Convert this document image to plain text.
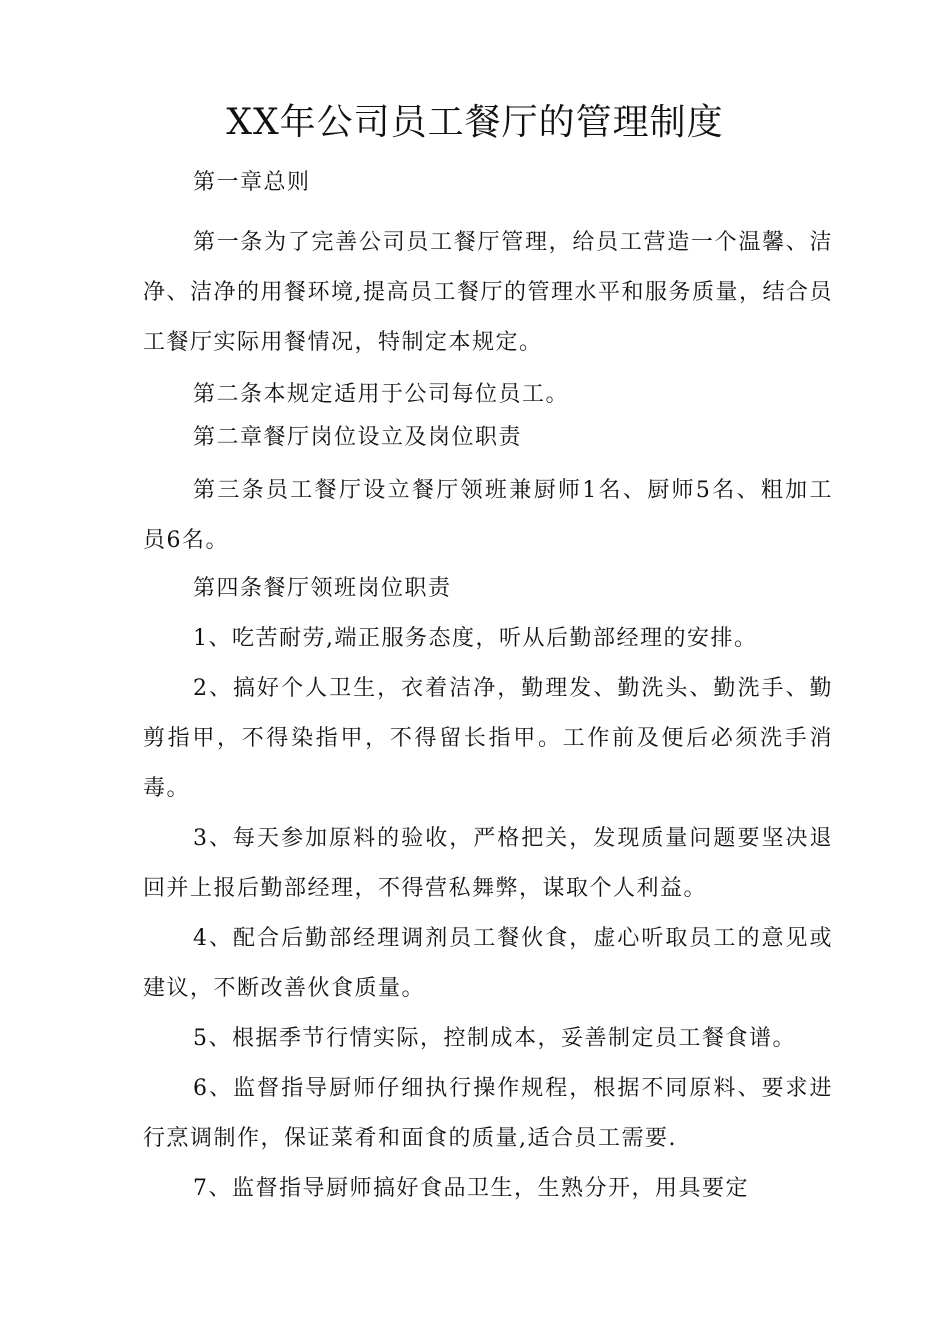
XX年公司员工餐厅的管理制度

第一章总则

第一条为了完善公司员工餐厅管理，给员工营造一个温馨、洁净、洁净的用餐环境,提高员工餐厅的管理水平和服务质量，结合员工餐厅实际用餐情况，特制定本规定。

第二条本规定适用于公司每位员工。

第二章餐厅岗位设立及岗位职责

第三条员工餐厅设立餐厅领班兼厨师1名、厨师5名、粗加工员6名。

第四条餐厅领班岗位职责

1、吃苦耐劳,端正服务态度，听从后勤部经理的安排。

2、搞好个人卫生，衣着洁净，勤理发、勤洗头、勤洗手、勤剪指甲，不得染指甲，不得留长指甲。工作前及便后必须洗手消毒。

3、每天参加原料的验收，严格把关，发现质量问题要坚决退回并上报后勤部经理，不得营私舞弊，谋取个人利益。

4、配合后勤部经理调剂员工餐伙食，虚心听取员工的意见或建议，不断改善伙食质量。

5、根据季节行情实际，控制成本，妥善制定员工餐食谱。

6、监督指导厨师仔细执行操作规程，根据不同原料、要求进行烹调制作，保证菜肴和面食的质量,适合员工需要.

7、监督指导厨师搞好食品卫生，生熟分开，用具要定
